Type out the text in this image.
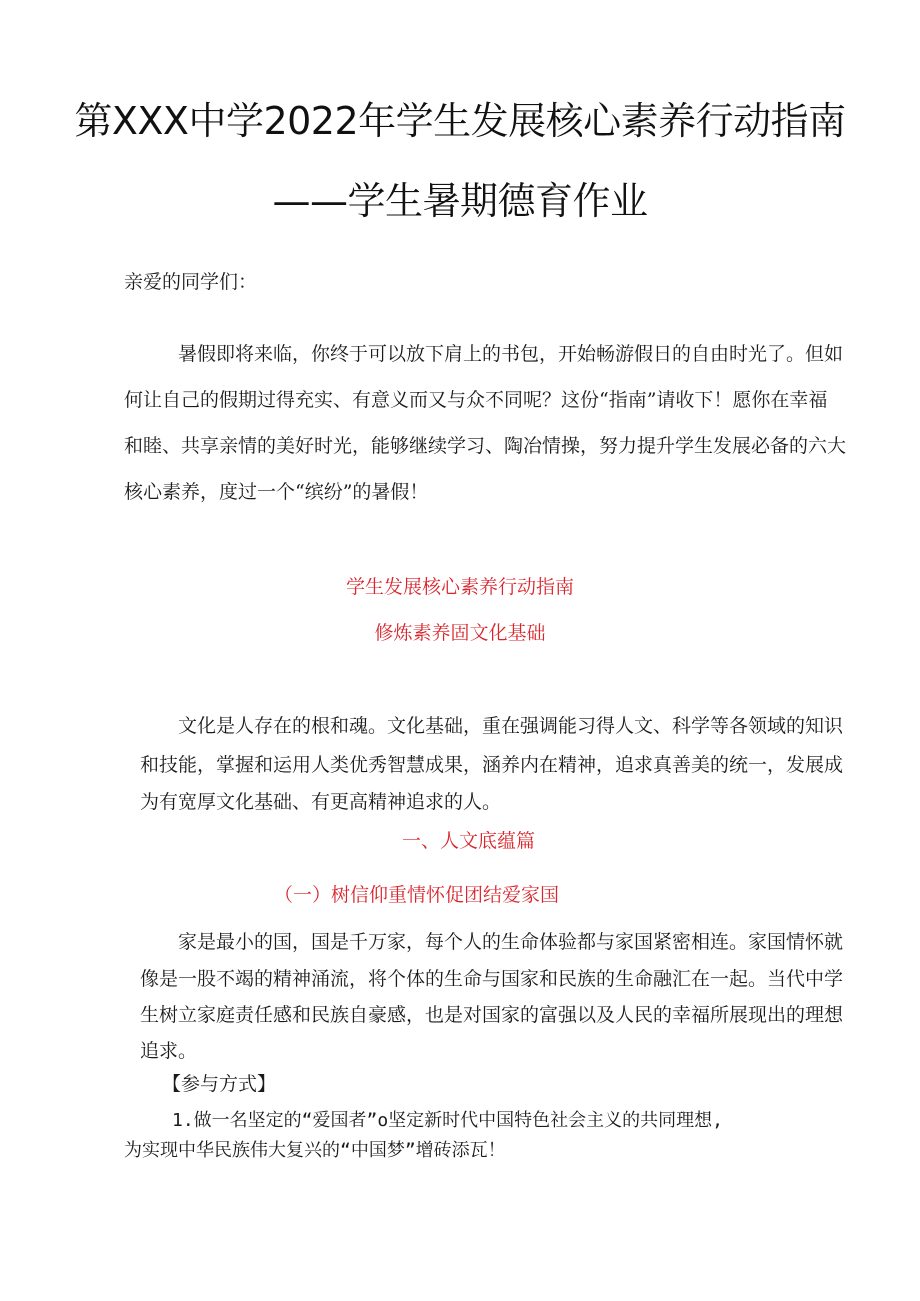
第XXX中学2022年学生发展核心素养行动指南
——学生暑期德育作业
亲爱的同学们：
暑假即将来临，你终于可以放下肩上的书包，开始畅游假日的自由时光了。但如
何让自己的假期过得充实、有意义而又与众不同呢？这份“指南”请收下！愿你在幸福
和睦、共享亲情的美好时光，能够继续学习、陶冶情操，努力提升学生发展必备的六大
核心素养，度过一个“缤纷”的暑假！
学生发展核心素养行动指南
修炼素养固文化基础
文化是人存在的根和魂。文化基础，重在强调能习得人文、科学等各领域的知识
和技能，掌握和运用人类优秀智慧成果，涵养内在精神，追求真善美的统一，发展成
为有宽厚文化基础、有更高精神追求的人。
一、人文底蕴篇
（一）树信仰重情怀促团结爱家国
家是最小的国，国是千万家，每个人的生命体验都与家国紧密相连。家国情怀就
像是一股不竭的精神涌流，将个体的生命与国家和民族的生命融汇在一起。当代中学
生树立家庭责任感和民族自豪感，也是对国家的富强以及人民的幸福所展现出的理想
追求。
【参与方式】
1.做一名坚定的“爱国者”o坚定新时代中国特色社会主义的共同理想,
为实现中华民族伟大复兴的“中国梦”增砖添瓦！
